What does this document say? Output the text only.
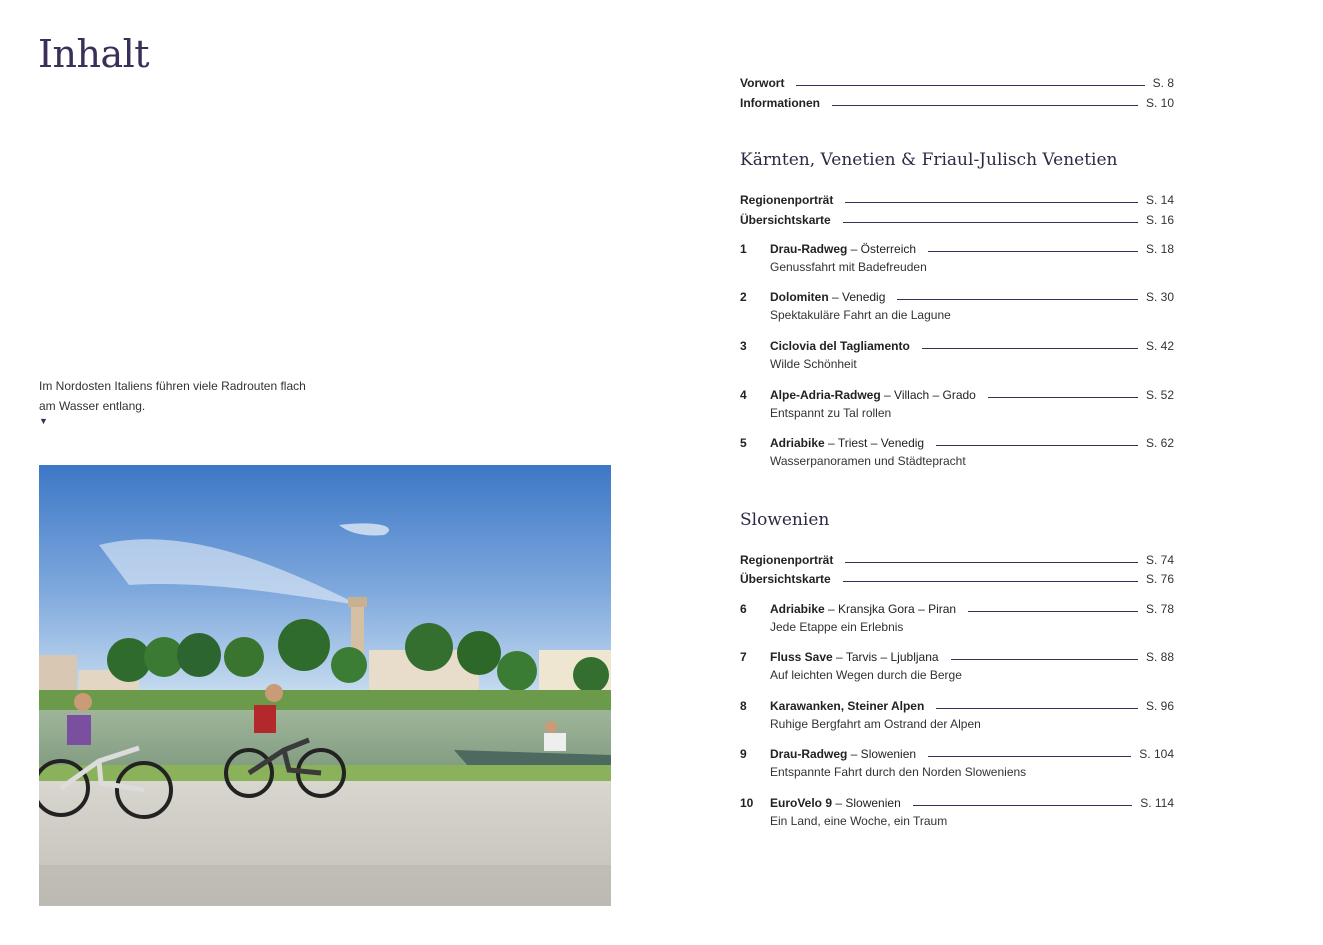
Inhalt
Im Nordosten Italiens führen viele Radrouten flach
am Wasser entlang.
▼
Vorwort	S. 8
Informationen	S. 10
Kärnten, Venetien & Friaul-Julisch Venetien
Regionenporträt	S. 14
Übersichtskarte	S. 16
1 Drau-Radweg – Österreich	S. 18
Genussfahrt mit Badefreuden
2 Dolomiten – Venedig	S. 30
Spektakuläre Fahrt an die Lagune
3 Ciclovia del Tagliamento	S. 42
Wilde Schönheit
4 Alpe-Adria-Radweg – Villach – Grado	S. 52
Entspannt zu Tal rollen
5 Adriabike – Triest – Venedig	S. 62
Wasserpanoramen und Städtepracht
Slowenien
Regionenporträt	S. 74
Übersichtskarte	S. 76
6 Adriabike – Kransjka Gora – Piran	S. 78
Jede Etappe ein Erlebnis
7 Fluss Save – Tarvis – Ljubljana	S. 88
Auf leichten Wegen durch die Berge
8 Karawanken, Steiner Alpen	S. 96
Ruhige Bergfahrt am Ostrand der Alpen
9 Drau-Radweg – Slowenien	S. 104
Entspannte Fahrt durch den Norden Sloweniens
10 EuroVelo 9 – Slowenien	S. 114
Ein Land, eine Woche, ein Traum
